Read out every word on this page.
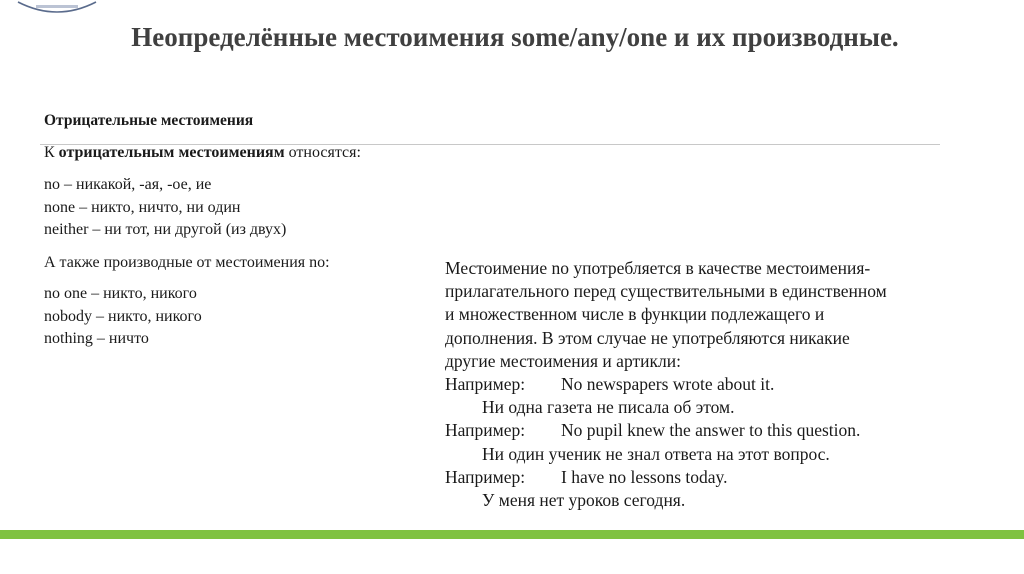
Неопределённые местоимения some/any/one и их производные.
Отрицательные местоимения
К отрицательным местоимениям относятся:
no – никакой, -ая, -ое, ие
none – никто, ничто, ни один
neither – ни тот, ни другой (из двух)
А также производные от местоимения no:
no one – никто, никого
nobody – никто, никого
nothing – ничто
Местоимение no употребляется в качестве местоимения-
прилагательного перед существительными в единственном
и множественном числе в функции подлежащего и
дополнения. В этом случае не употребляются никакие
другие местоимения и артикли:
Например: No newspapers wrote about it.
Ни одна газета не писала об этом.
Например: No pupil knew the answer to this question.
Ни один ученик не знал ответа на этот вопрос.
Например: I have no lessons today.
У меня нет уроков сегодня.
